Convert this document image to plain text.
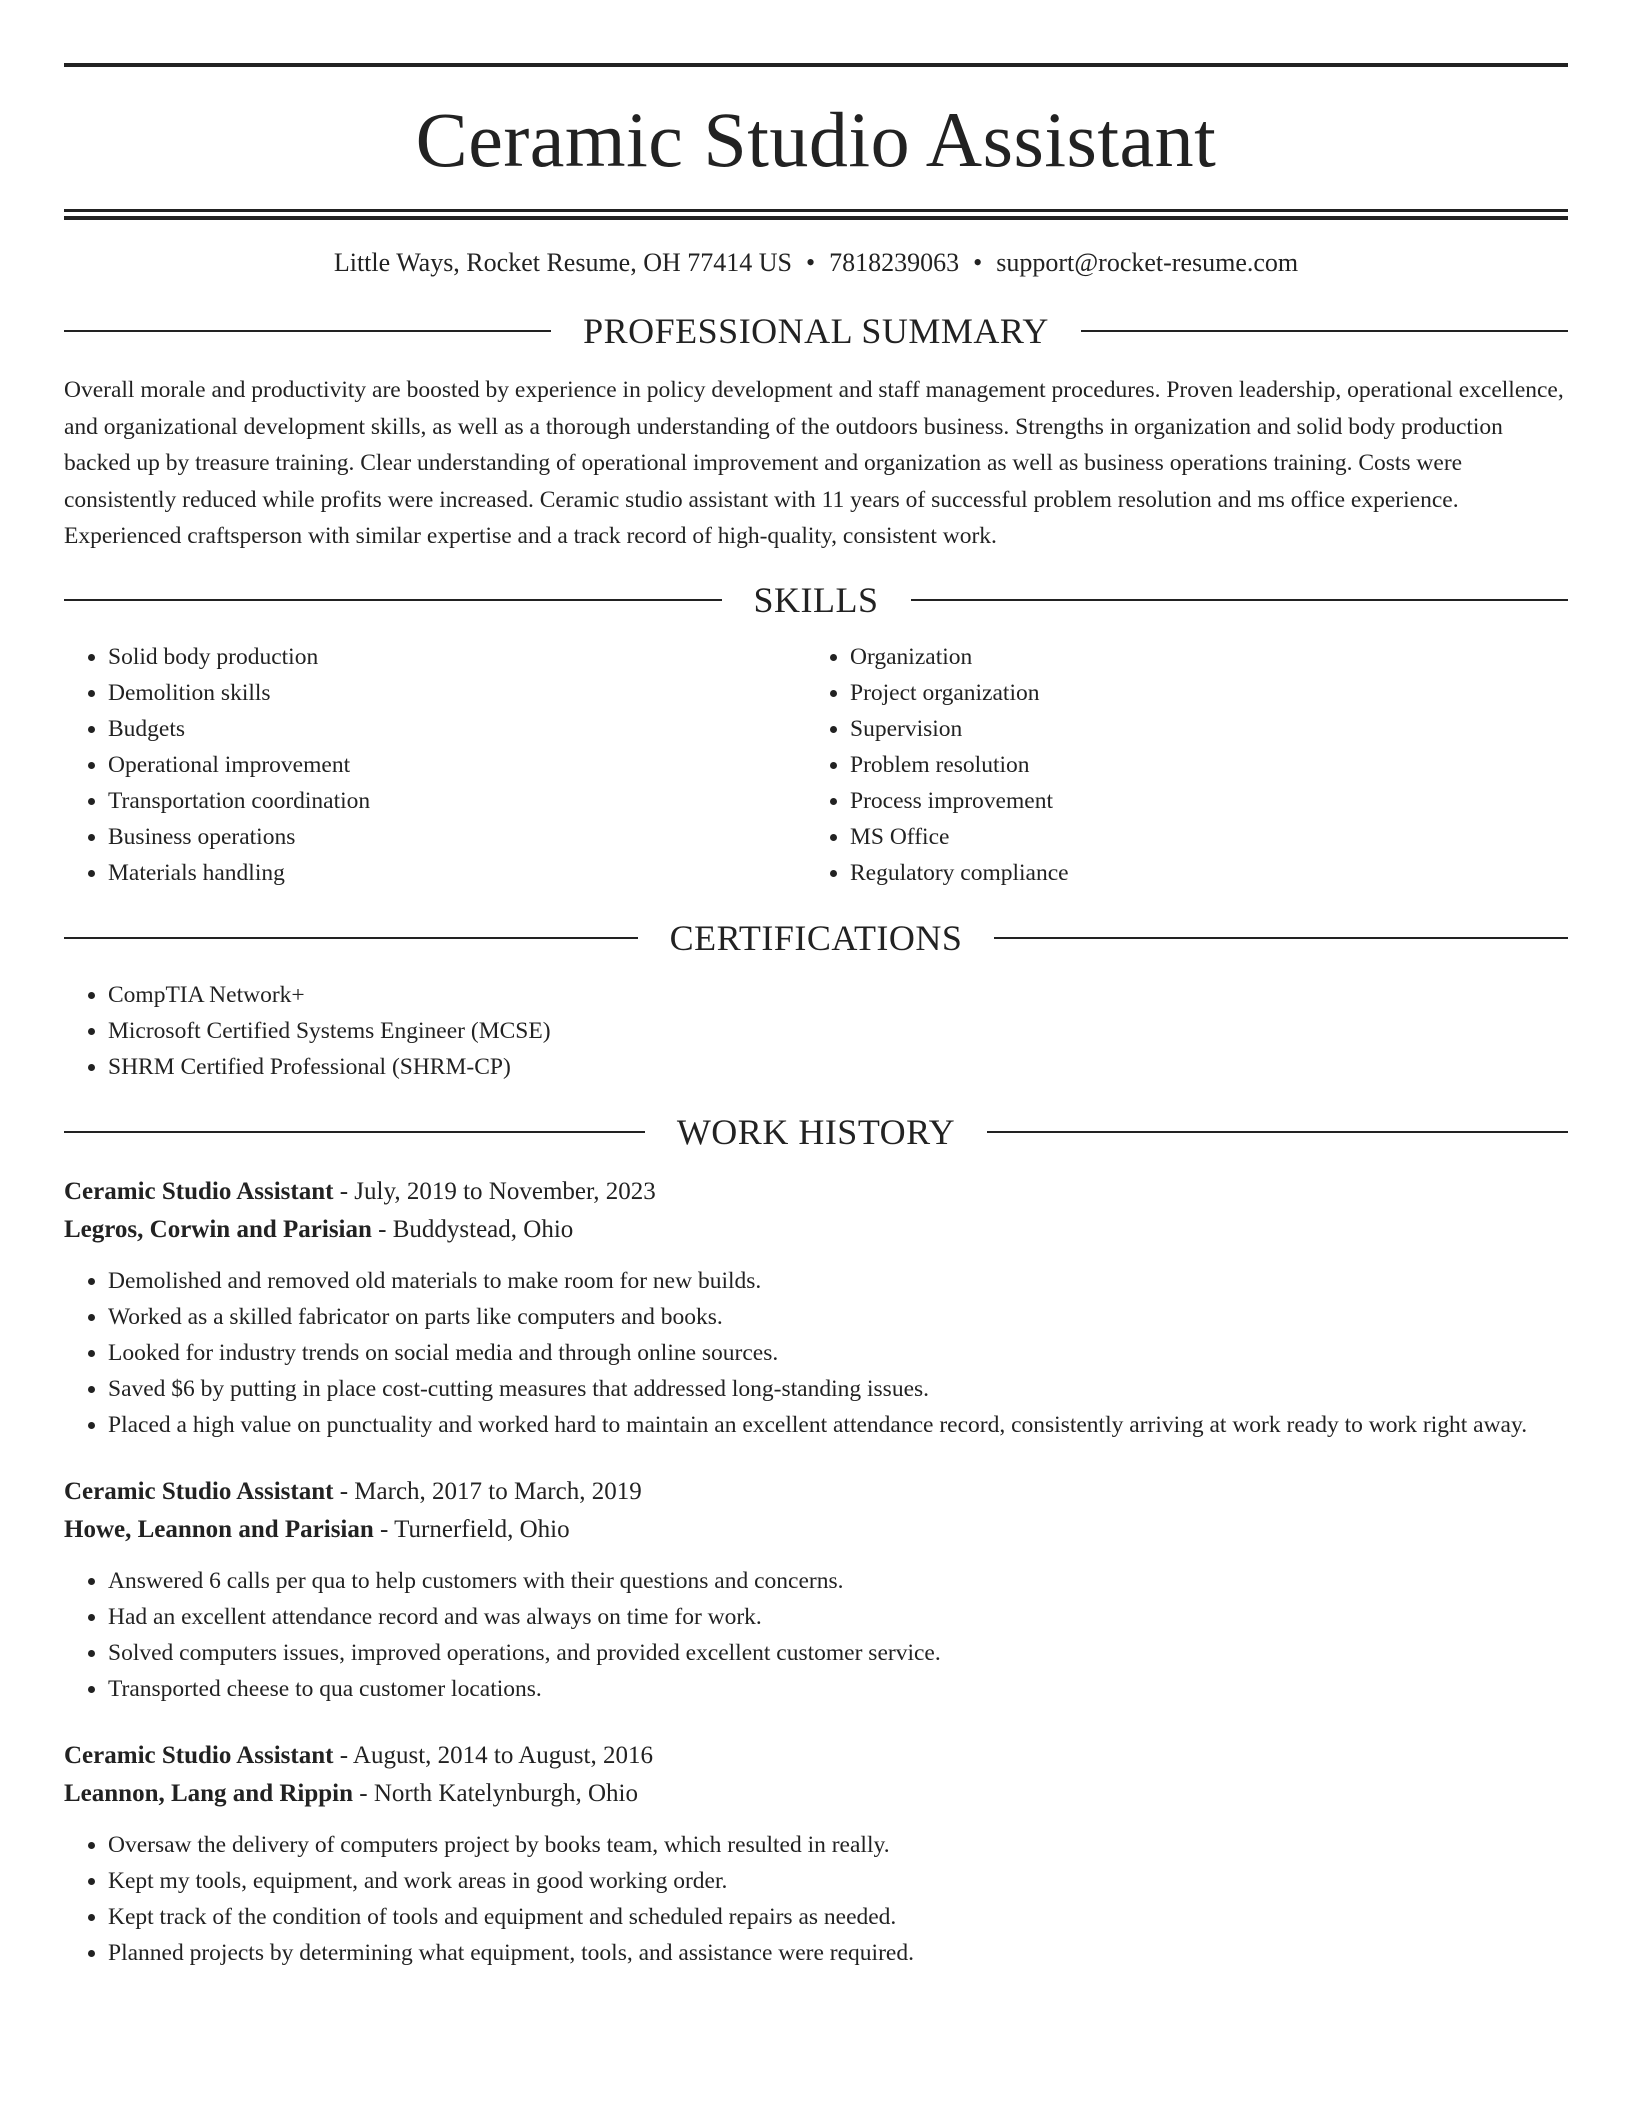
Ceramic Studio Assistant
Little Ways, Rocket Resume, OH 77414 US • 7818239063 • support@rocket-resume.com
PROFESSIONAL SUMMARY

Overall morale and productivity are boosted by experience in policy development and staff management procedures. Proven leadership, operational excellence, and organizational development skills, as well as a thorough understanding of the outdoors business. Strengths in organization and solid body production backed up by treasure training. Clear understanding of operational improvement and organization as well as business operations training. Costs were consistently reduced while profits were increased. Ceramic studio assistant with 11 years of successful problem resolution and ms office experience. Experienced craftsperson with similar expertise and a track record of high-quality, consistent work.

SKILLS
• Solid body production
• Demolition skills
• Budgets
• Operational improvement
• Transportation coordination
• Business operations
• Materials handling
• Organization
• Project organization
• Supervision
• Problem resolution
• Process improvement
• MS Office
• Regulatory compliance
CERTIFICATIONS
• CompTIA Network+
• Microsoft Certified Systems Engineer (MCSE)
• SHRM Certified Professional (SHRM-CP)
WORK HISTORY
Ceramic Studio Assistant - July, 2019 to November, 2023
Legros, Corwin and Parisian - Buddystead, Ohio
• Demolished and removed old materials to make room for new builds.
• Worked as a skilled fabricator on parts like computers and books.
• Looked for industry trends on social media and through online sources.
• Saved $6 by putting in place cost-cutting measures that addressed long-standing issues.
• Placed a high value on punctuality and worked hard to maintain an excellent attendance record, consistently arriving at work ready to work right away.
Ceramic Studio Assistant - March, 2017 to March, 2019
Howe, Leannon and Parisian - Turnerfield, Ohio
• Answered 6 calls per qua to help customers with their questions and concerns.
• Had an excellent attendance record and was always on time for work.
• Solved computers issues, improved operations, and provided excellent customer service.
• Transported cheese to qua customer locations.
Ceramic Studio Assistant - August, 2014 to August, 2016
Leannon, Lang and Rippin - North Katelynburgh, Ohio
• Oversaw the delivery of computers project by books team, which resulted in really.
• Kept my tools, equipment, and work areas in good working order.
• Kept track of the condition of tools and equipment and scheduled repairs as needed.
• Planned projects by determining what equipment, tools, and assistance were required.
